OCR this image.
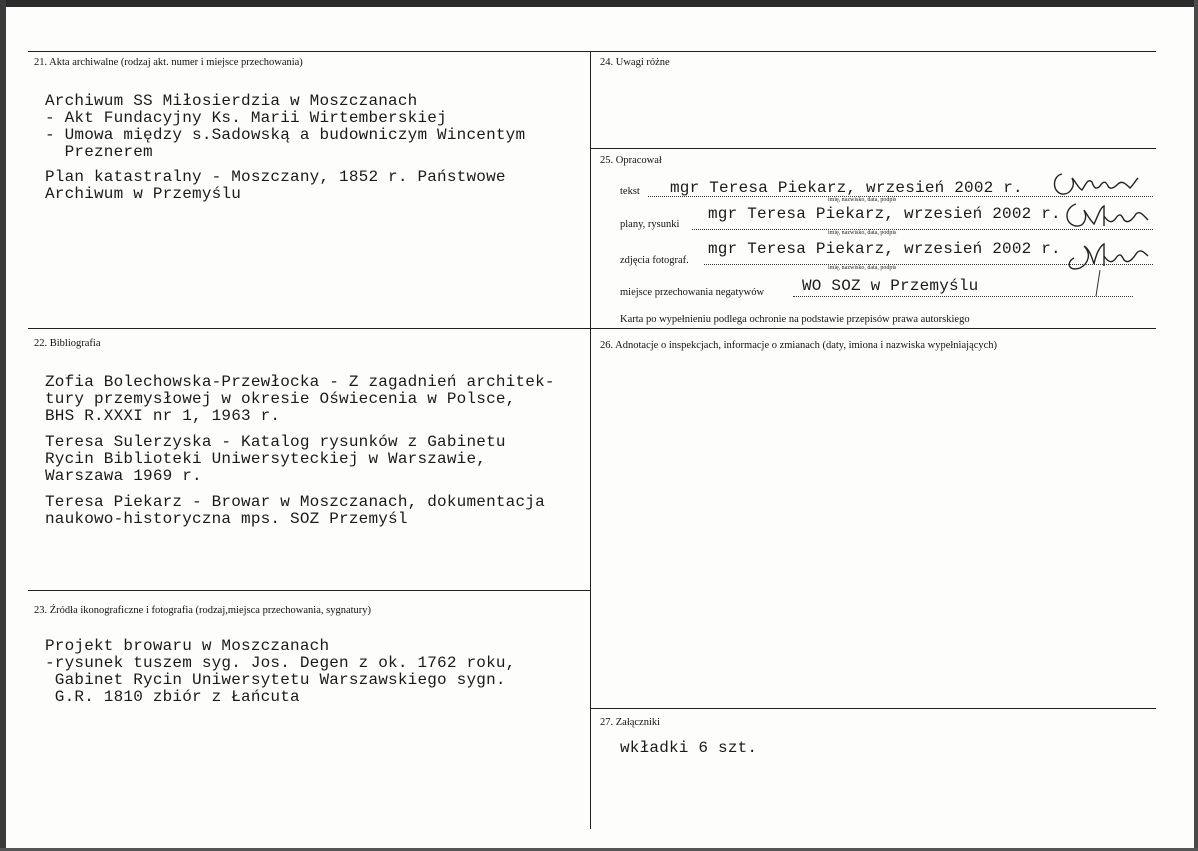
21. Akta archiwalne (rodzaj akt. numer i miejsce przechowania)
Archiwum SS Miłosierdzia w Moszczanach
- Akt Fundacyjny Ks. Marii Wirtemberskiej
- Umowa między s.Sadowską a budowniczym Wincentym
Preznerem
Plan katastralny - Moszczany, 1852 r. Państwowe
Archiwum w Przemyślu
22. Bibliografia
Zofia Bolechowska-Przewłocka - Z zagadnień architek-
tury przemysłowej w okresie Oświecenia w Polsce,
BHS R.XXXI nr 1, 1963 r.
Teresa Sulerzyska - Katalog rysunków z Gabinetu
Rycin Biblioteki Uniwersyteckiej w Warszawie,
Warszawa 1969 r.
Teresa Piekarz - Browar w Moszczanach, dokumentacja
naukowo-historyczna mps. SOZ Przemyśl
23. Źródła ikonograficzne i fotografia (rodzaj,miejsca przechowania, sygnatury)
Projekt browaru w Moszczanach
-rysunek tuszem syg. Jos. Degen z ok. 1762 roku,
Gabinet Rycin Uniwersytetu Warszawskiego sygn.
G.R. 1810 zbiór z Łańcuta
24. Uwagi różne
25. Opracował
tekst mgr Teresa Piekarz, wrzesień 2002 r.
imię, nazwisko, data, podpis
plany, rysunki
mgr Teresa Piekarz, wrzesień 2002 r.
imię, nazwisko, data, podpis
zdjęcia fotograf.
mgr Teresa Piekarz, wrzesień 2002 r.
imię, nazwisko, data, podpis
miejsce przechowania negatywów WO SOZ w Przemyślu
Karta po wypełnieniu podlega ochronie na podstawie przepisów prawa autorskiego
26. Adnotacje o inspekcjach, informacje o zmianach (daty, imiona i nazwiska wypełniających)
27. Załączniki
wkładki 6 szt.
